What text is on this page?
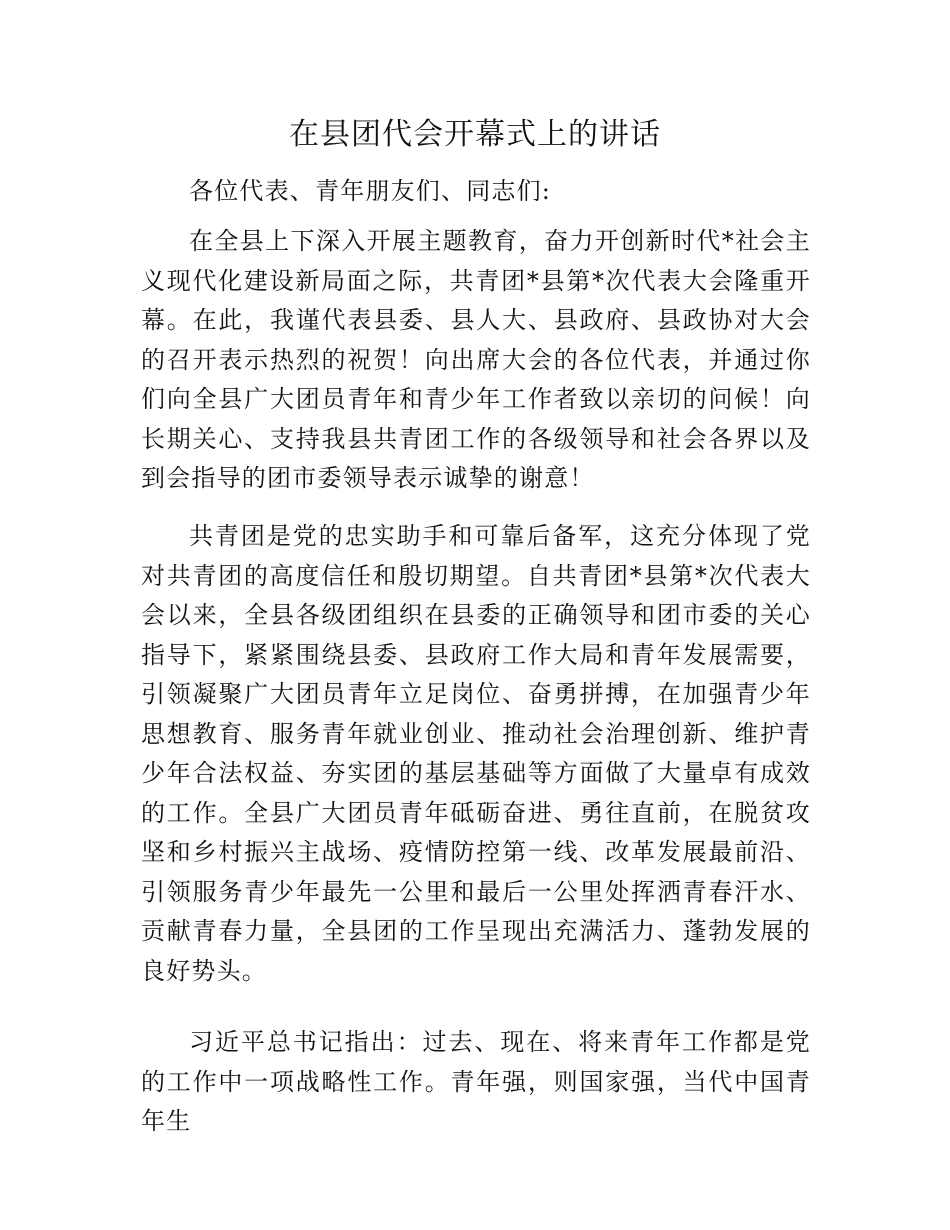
在县团代会开幕式上的讲话

各位代表、青年朋友们、同志们:

在全县上下深入开展主题教育，奋力开创新时代*社会主义现代化建设新局面之际，共青团*县第*次代表大会隆重开幕。在此，我谨代表县委、县人大、县政府、县政协对大会的召开表示热烈的祝贺！向出席大会的各位代表，并通过你们向全县广大团员青年和青少年工作者致以亲切的问候！向长期关心、支持我县共青团工作的各级领导和社会各界以及到会指导的团市委领导表示诚挚的谢意！

共青团是党的忠实助手和可靠后备军，这充分体现了党对共青团的高度信任和殷切期望。自共青团*县第*次代表大会以来，全县各级团组织在县委的正确领导和团市委的关心指导下，紧紧围绕县委、县政府工作大局和青年发展需要，引领凝聚广大团员青年立足岗位、奋勇拼搏，在加强青少年思想教育、服务青年就业创业、推动社会治理创新、维护青少年合法权益、夯实团的基层基础等方面做了大量卓有成效的工作。全县广大团员青年砥砺奋进、勇往直前，在脱贫攻坚和乡村振兴主战场、疫情防控第一线、改革发展最前沿、引领服务青少年最先一公里和最后一公里处挥洒青春汗水、贡献青春力量，全县团的工作呈现出充满活力、蓬勃发展的良好势头。

习近平总书记指出：过去、现在、将来青年工作都是党的工作中一项战略性工作。青年强，则国家强，当代中国青年生
